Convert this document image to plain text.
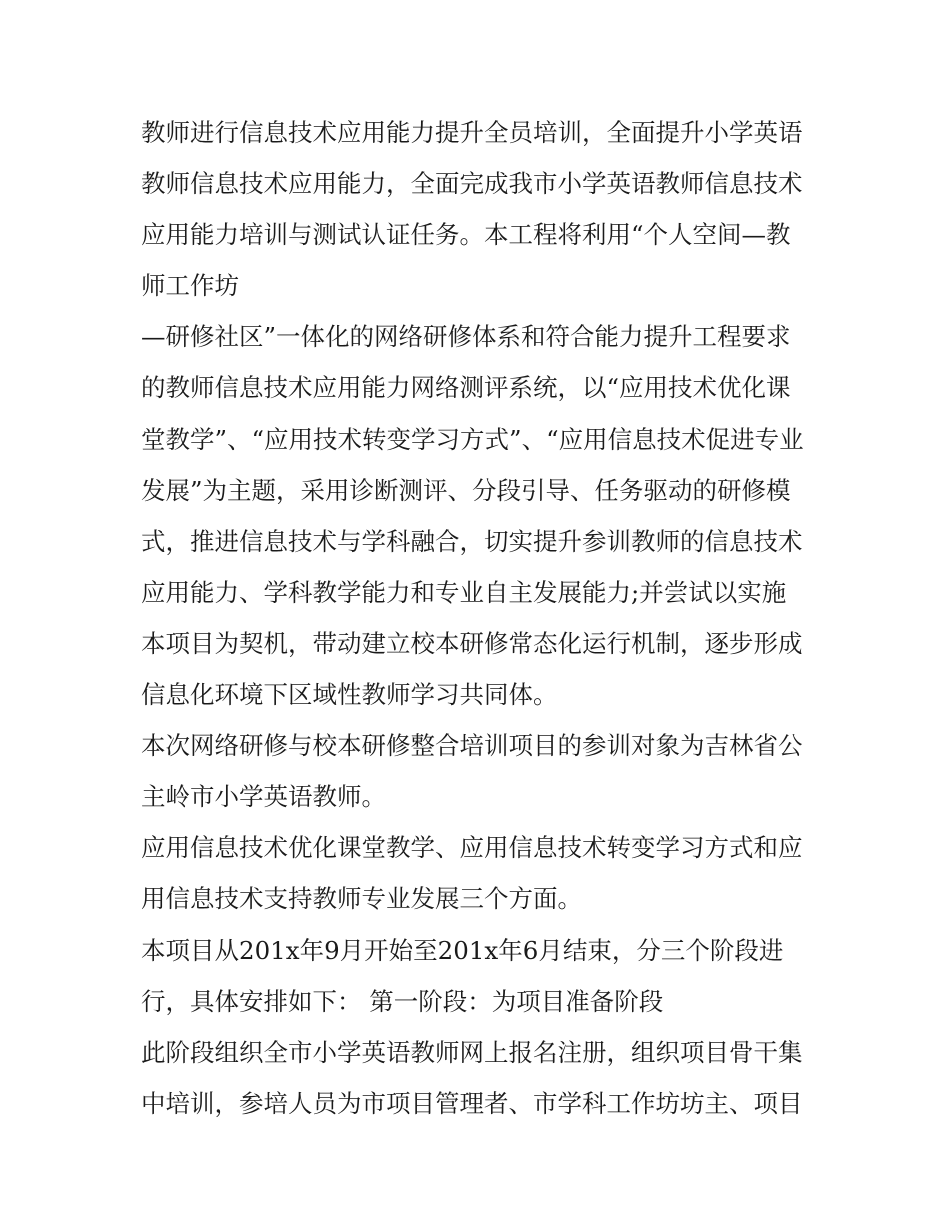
教师进行信息技术应用能力提升全员培训，全面提升小学英语
教师信息技术应用能力，全面完成我市小学英语教师信息技术
应用能力培训与测试认证任务。本工程将利用“个人空间—教
师工作坊
—研修社区”一体化的网络研修体系和符合能力提升工程要求
的教师信息技术应用能力网络测评系统，以“应用技术优化课
堂教学”、“应用技术转变学习方式”、“应用信息技术促进专业
发展”为主题，采用诊断测评、分段引导、任务驱动的研修模
式，推进信息技术与学科融合，切实提升参训教师的信息技术
应用能力、学科教学能力和专业自主发展能力;并尝试以实施
本项目为契机，带动建立校本研修常态化运行机制，逐步形成
信息化环境下区域性教师学习共同体。
本次网络研修与校本研修整合培训项目的参训对象为吉林省公
主岭市小学英语教师。
应用信息技术优化课堂教学、应用信息技术转变学习方式和应
用信息技术支持教师专业发展三个方面。
本项目从201x年9月开始至201x年6月结束，分三个阶段进
行，具体安排如下： 第一阶段：为项目准备阶段
此阶段组织全市小学英语教师网上报名注册，组织项目骨干集
中培训，参培人员为市项目管理者、市学科工作坊坊主、项目
